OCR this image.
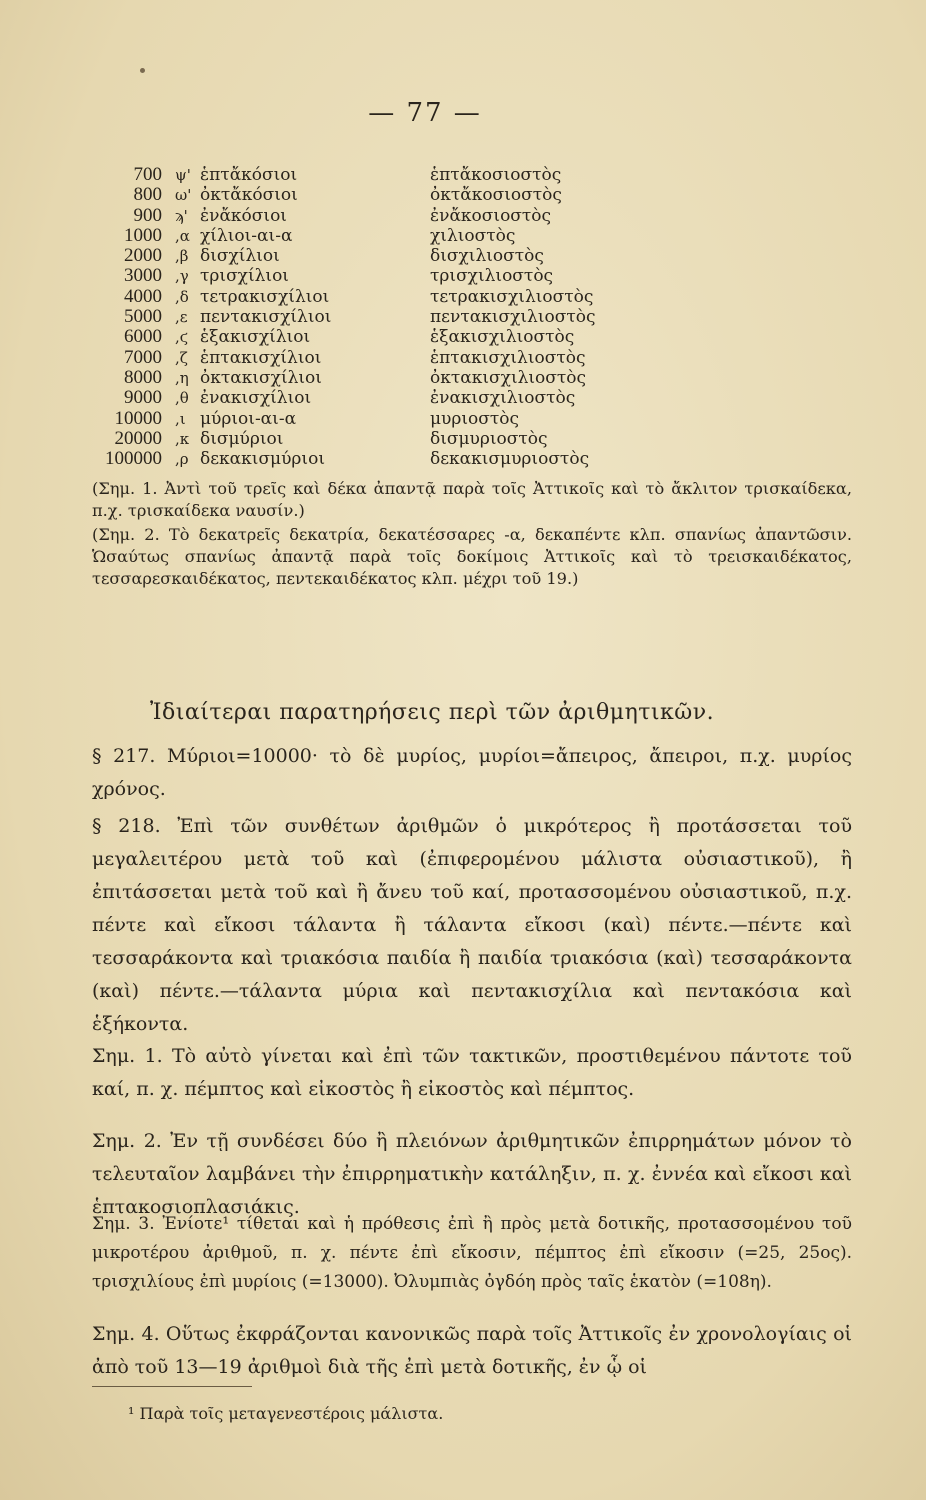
— 77 —
700 ψ' ἑπτἄκόσιοι	ἑπτἄκοσιοστὸς
800 ω' ὀκτἄκόσιοι	ὀκτἄκοσιοστὸς
900 ϡ' ἐνἄκόσιοι	ἐνἄκοσιοστὸς
1000 ,α χίλιοι-αι-α	χιλιοστὸς
2000 ,β δισχίλιοι	δισχιλιοστὸς
3000 ,γ τρισχίλιοι	τρισχιλιοστὸς
4000 ,δ τετρακισχίλιοι	τετρακισχιλιοστὸς
5000 ,ε πεντακισχίλιοι	πεντακισχιλιοστὸς
6000 ,ϛ ἑξακισχίλιοι	ἑξακισχιλιοστὸς
7000 ,ζ ἑπτακισχίλιοι	ἑπτακισχιλιοστὸς
8000 ,η ὀκτακισχίλιοι	ὀκτακισχιλιοστὸς
9000 ,θ ἐνακισχίλιοι	ἐνακισχιλιοστὸς
10000 ,ι μύριοι-αι-α	μυριοστὸς
20000 ,κ δισμύριοι	δισμυριοστὸς
100000 ,ρ δεκακισμύριοι	δεκακισμυριοστὸς

(Σημ. 1. Ἀντὶ τοῦ τρεῖς καὶ δέκα ἀπαντᾷ παρὰ τοῖς Ἀττικοῖς καὶ τὸ ἄκλιτον τρισκαίδεκα, π.χ. τρισκαίδεκα ναυσίν.)

(Σημ. 2. Τὸ δεκατρεῖς δεκατρία, δεκατέσσαρες -α, δεκαπέντε κλπ. σπανίως ἀπαντῶσιν. Ὡσαύτως σπανίως ἀπαντᾷ παρὰ τοῖς δοκίμοις Ἀττικοῖς καὶ τὸ τρεισκαιδέκατος, τεσσαρεσκαιδέκατος, πεντεκαιδέκατος κλπ. μέχρι τοῦ 19.)

Ἰδιαίτεραι παρατηρήσεις περὶ τῶν ἀριθμητικῶν.
§ 217. Μύριοι=10000· τὸ δὲ μυρίος, μυρίοι=ἄπειρος, ἄπειροι, π.χ. μυρίος χρόνος.
§ 218. Ἐπὶ τῶν συνθέτων ἀριθμῶν ὁ μικρότερος ἢ προτάσσεται τοῦ μεγαλειτέρου μετὰ τοῦ καὶ (ἐπιφερομένου μάλιστα οὐσιαστικοῦ), ἢ ἐπιτάσσεται μετὰ τοῦ καὶ ἢ ἄνευ τοῦ καί, προτασσομένου οὐσιαστικοῦ, π.χ. πέντε καὶ εἴκοσι τάλαντα ἢ τάλαντα εἴκοσι (καὶ) πέντε.—πέντε καὶ τεσσαράκοντα καὶ τριακόσια παιδία ἢ παιδία τριακόσια (καὶ) τεσσαράκοντα (καὶ) πέντε.—τάλαντα μύρια καὶ πεντακισχίλια καὶ πεντακόσια καὶ ἑξήκοντα.
Σημ. 1. Τὸ αὐτὸ γίνεται καὶ ἐπὶ τῶν τακτικῶν, προστιθεμένου πάντοτε τοῦ καί, π. χ. πέμπτος καὶ εἰκοστὸς ἢ εἰκοστὸς καὶ πέμπτος.
Σημ. 2. Ἐν τῇ συνδέσει δύο ἢ πλειόνων ἀριθμητικῶν ἐπιρρημάτων μόνον τὸ τελευταῖον λαμβάνει τὴν ἐπιρρηματικὴν κατάληξιν, π. χ. ἐννέα καὶ εἴκοσι καὶ ἑπτακοσιοπλασιάκις.
Σημ. 3. Ἐνίοτε¹ τίθεται καὶ ἡ πρόθεσις ἐπὶ ἢ πρὸς μετὰ δοτικῆς, προτασσομένου τοῦ μικροτέρου ἀριθμοῦ, π. χ. πέντε ἐπὶ εἴκοσιν, πέμπτος ἐπὶ εἴκοσιν (=25, 25ος). τρισχιλίους ἐπὶ μυρίοις (=13000). Ὀλυμπιὰς ὀγδόη πρὸς ταῖς ἑκατὸν (=108η).
Σημ. 4. Οὕτως ἐκφράζονται κανονικῶς παρὰ τοῖς Ἀττικοῖς ἐν χρονολογίαις οἱ ἀπὸ τοῦ 13—19 ἀριθμοὶ διὰ τῆς ἐπὶ μετὰ δοτικῆς, ἐν ᾧ οἱ
¹ Παρὰ τοῖς μεταγενεστέροις μάλιστα.
